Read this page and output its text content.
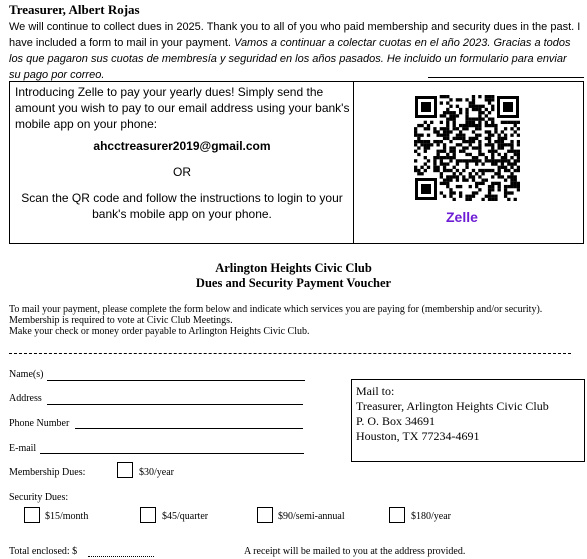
Treasurer, Albert Rojas
We will continue to collect dues in 2025. Thank you to all of you who paid membership and security dues in the past. I have included a form to mail in your payment. Vamos a continuar a colectar cuotas en el año 2023. Gracias a todos los que pagaron sus cuotas de membresía y seguridad en los años pasados. He incluido un formulario para enviar su pago por correo.
Introducing Zelle to pay your yearly dues! Simply send the amount you wish to pay to our email address using your bank's mobile app on your phone:
ahcctreasurer2019@gmail.com
OR
Scan the QR code and follow the instructions to login to your bank's mobile app on your phone.	Zelle
Arlington Heights Civic Club
Dues and Security Payment Voucher
To mail your payment, please complete the form below and indicate which services you are paying for (membership and/or security).
Membership is required to vote at Civic Club Meetings.
Make your check or money order payable to Arlington Heights Civic Club.
Name(s)
Address
Phone Number
E-mail
Mail to:
Treasurer, Arlington Heights Civic Club
P. O. Box 34691
Houston, TX 77234-4691
Membership Dues:	$30/year
Security Dues:
$15/month	$45/quarter	$90/semi-annual	$180/year
Total enclosed: $	A receipt will be mailed to you at the address provided.
